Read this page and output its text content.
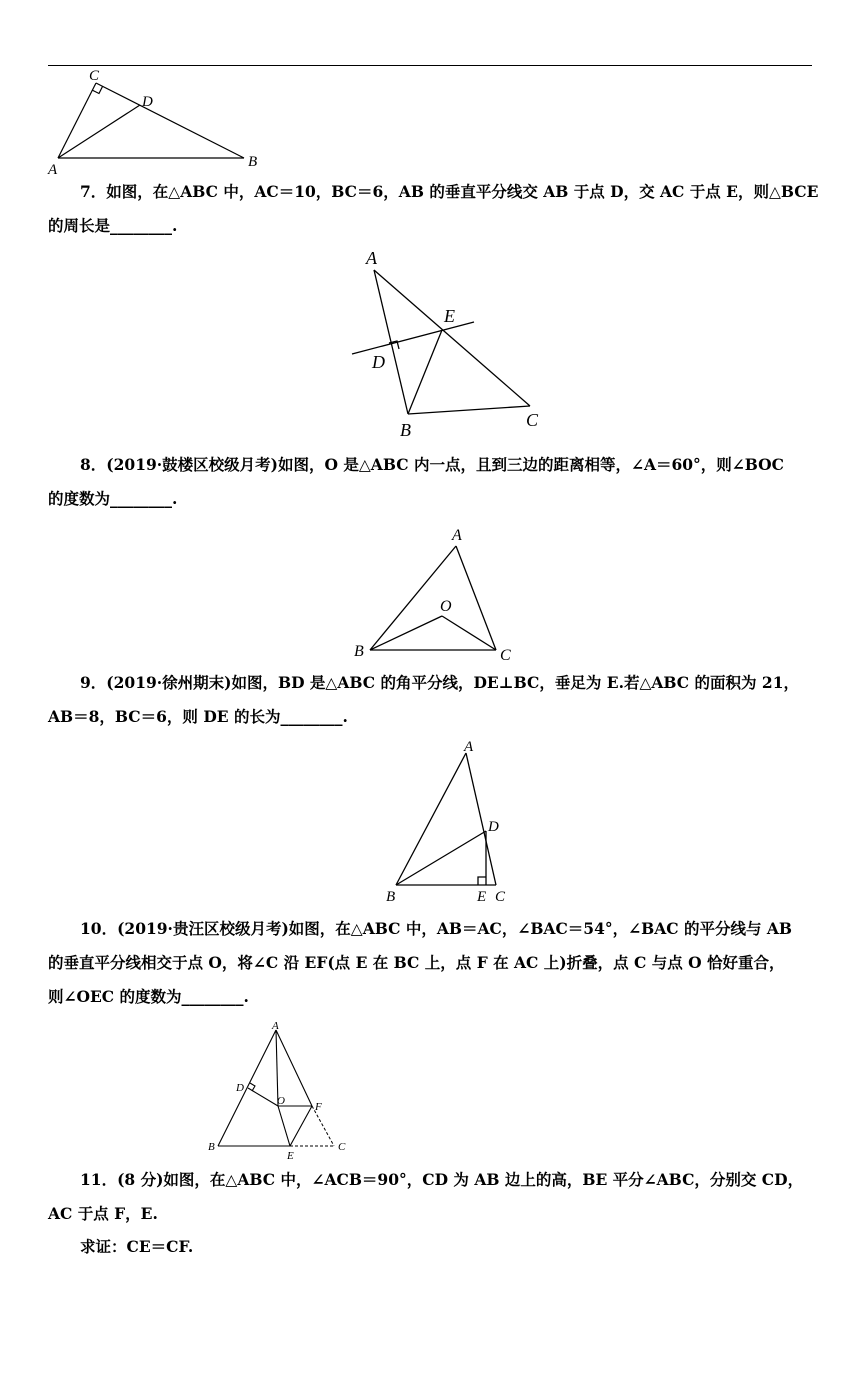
C
D
A	B
7．如图，在△ABC 中，AC＝10，BC＝6，AB 的垂直平分线交 AB 于点 D，交 AC 于点 E，则△BCE
的周长是________.
A
E
D
B	C
8．(2019·鼓楼区校级月考)如图，O 是△ABC 内一点，且到三边的距离相等，∠A＝60°，则∠BOC
的度数为________.
A
O
B	C
9．(2019·徐州期末)如图，BD 是△ABC 的角平分线，DE⊥BC，垂足为 E.若△ABC 的面积为 21，
AB＝8，BC＝6，则 DE 的长为________.
A
D
B	E C
10．(2019·贵汪区校级月考)如图，在△ABC 中，AB＝AC，∠BAC＝54°，∠BAC 的平分线与 AB
的垂直平分线相交于点 O，将∠C 沿 EF(点 E 在 BC 上，点 F 在 AC 上)折叠，点 C 与点 O 恰好重合，
则∠OEC 的度数为________.
A
D
O	F
B
E
C
11．(8 分)如图，在△ABC 中，∠ACB＝90°，CD 为 AB 边上的高，BE 平分∠ABC，分别交 CD，
AC 于点 F，E.
求证：CE＝CF.
